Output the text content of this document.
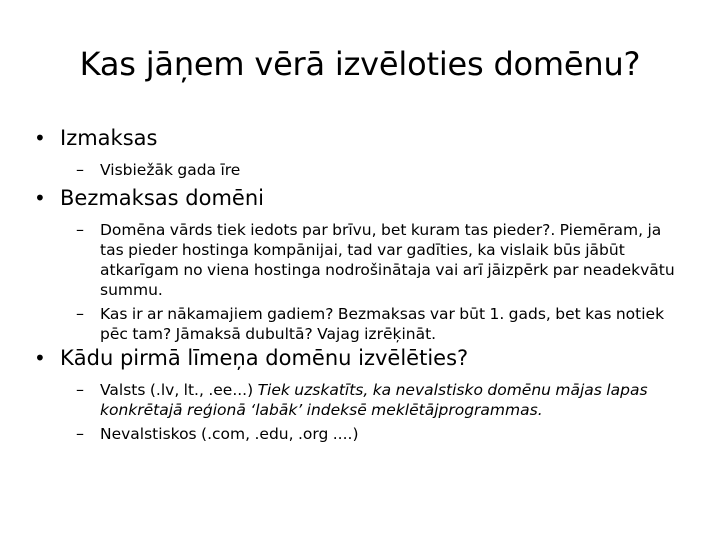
Kas jāņem vērā izvēloties domēnu?
• Izmaksas
–	Visbiežāk gada īre
• Bezmaksas domēni
–	Domēna vārds tiek iedots par brīvu, bet kuram tas pieder?. Piemēram, ja tas pieder hostinga kompānijai, tad var gadīties, ka vislaik būs jābūt atkarīgam no viena hostinga nodrošinātaja vai arī jāizpērk par neadekvātu summu.
–	Kas ir ar nākamajiem gadiem? Bezmaksas var būt 1. gads, bet kas notiek pēc tam? Jāmaksā dubultā? Vajag izrēķināt.
• Kādu pirmā līmeņa domēnu izvēlēties?
–	Valsts (.lv, lt., .ee...) Tiek uzskatīts, ka nevalstisko domēnu mājas lapas konkrētajā reģionā ‘labāk’ indeksē meklētājprogrammas.
–	Nevalstiskos (.com, .edu, .org ....)
